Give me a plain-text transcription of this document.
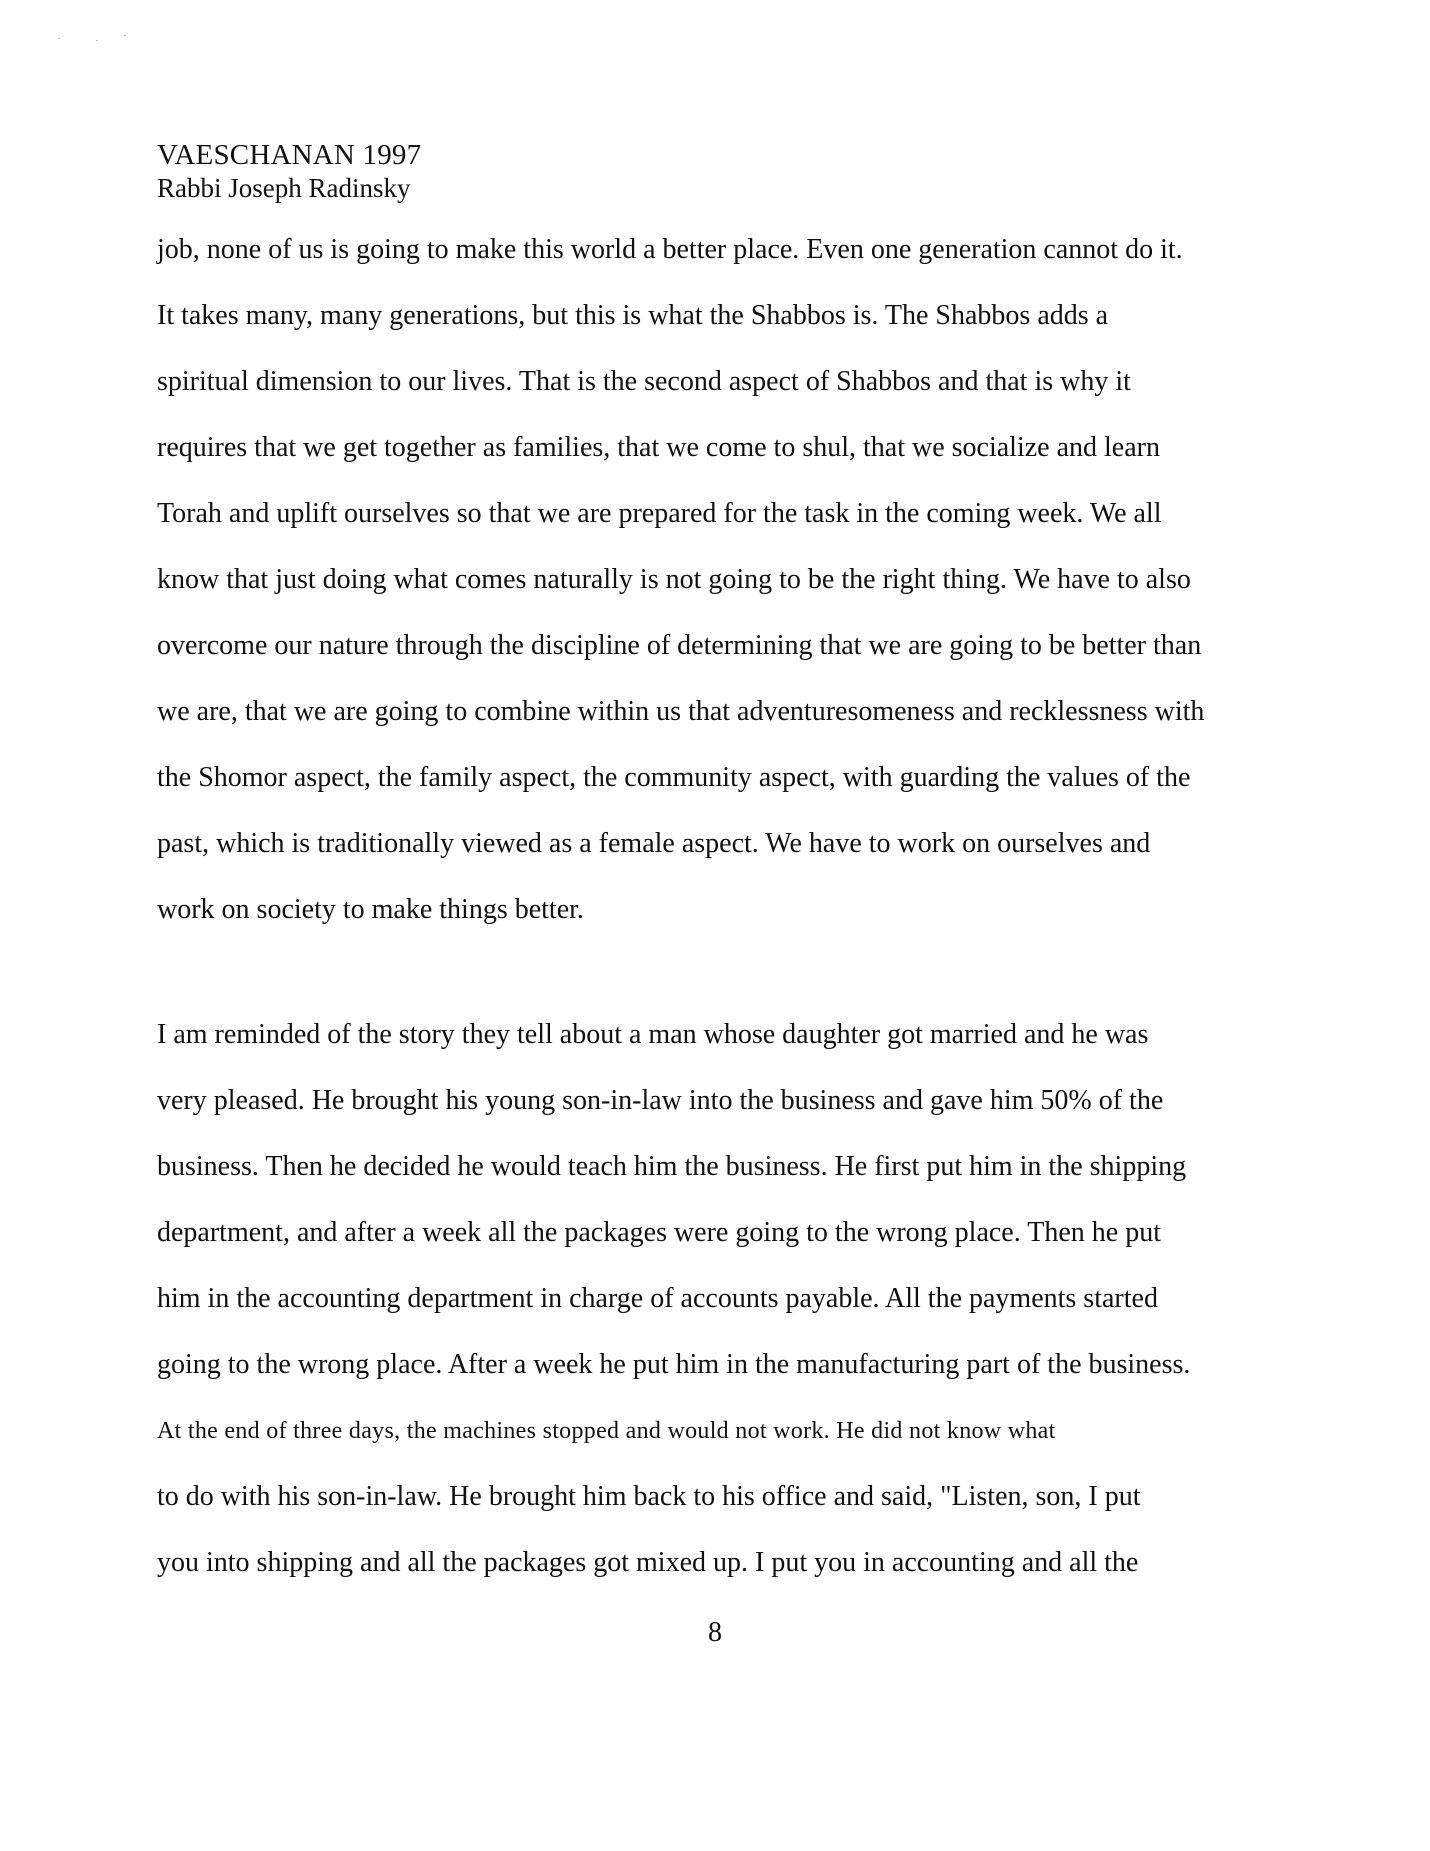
VAESCHANAN 1997
Rabbi Joseph Radinsky
job, none of us is going to make this world a better place. Even one generation cannot do it.
It takes many, many generations, but this is what the Shabbos is. The Shabbos adds a
spiritual dimension to our lives. That is the second aspect of Shabbos and that is why it
requires that we get together as families, that we come to shul, that we socialize and learn
Torah and uplift ourselves so that we are prepared for the task in the coming week. We all
know that just doing what comes naturally is not going to be the right thing. We have to also
overcome our nature through the discipline of determining that we are going to be better than
we are, that we are going to combine within us that adventuresomeness and recklessness with
the Shomor aspect, the family aspect, the community aspect, with guarding the values of the
past, which is traditionally viewed as a female aspect. We have to work on ourselves and
work on society to make things better.
I am reminded of the story they tell about a man whose daughter got married and he was
very pleased. He brought his young son-in-law into the business and gave him 50% of the
business. Then he decided he would teach him the business. He first put him in the shipping
department, and after a week all the packages were going to the wrong place. Then he put
him in the accounting department in charge of accounts payable. All the payments started
going to the wrong place. After a week he put him in the manufacturing part of the business.
At the end of three days, the machines stopped and would not work. He did not know what
to do with his son-in-law. He brought him back to his office and said, "Listen, son, I put
you into shipping and all the packages got mixed up. I put you in accounting and all the
8
